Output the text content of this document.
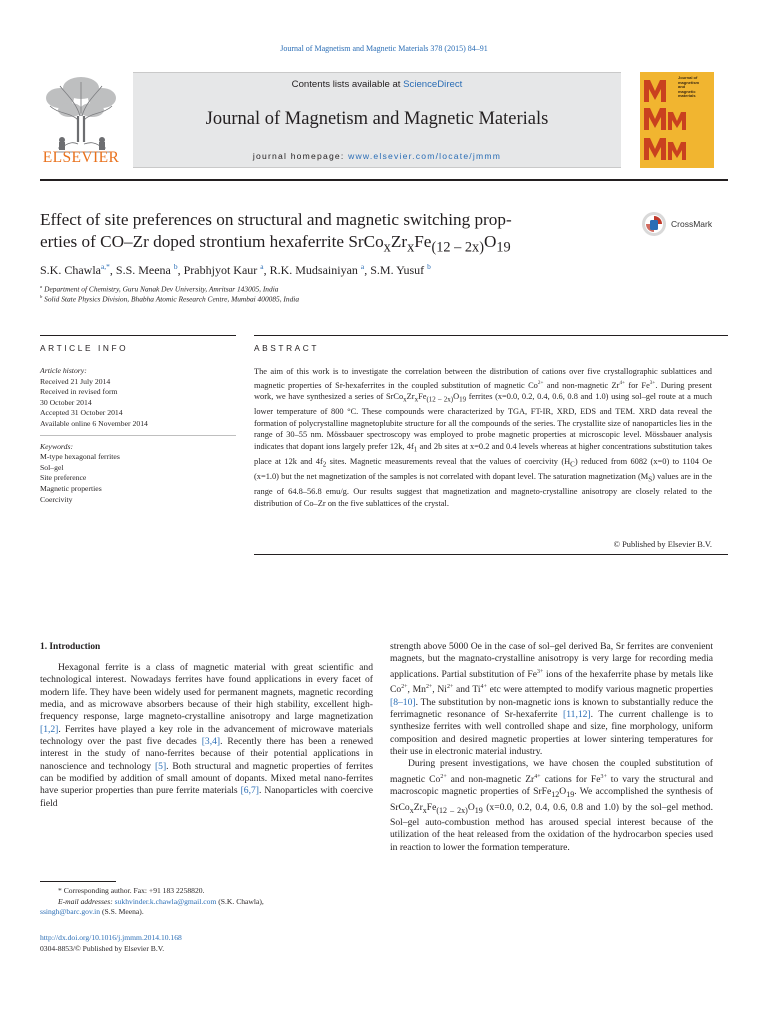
Journal of Magnetism and Magnetic Materials 378 (2015) 84–91
ELSEVIER
Contents lists available at ScienceDirect
Journal of Magnetism and Magnetic Materials
journal homepage: www.elsevier.com/locate/jmmm
Journal of
magnetism
and
magnetic
materials
Effect of site preferences on structural and magnetic switching prop-
erties of CO–Zr doped strontium hexaferrite $SrCo_xZr_xFe_{(12 - 2x)}O_{19}$
CrossMark
S.K. Chawla$^{a,*}$, S.S. Meena $^b$, Prabhjyot Kaur $^a$, R.K. Mudsainiyan $^a$, S.M. Yusuf $^b$
$^a$ Department of Chemistry, Guru Nanak Dev University, Amritsar 143005, India
$^b$ Solid State Physics Division, Bhabha Atomic Research Centre, Mumbai 400085, India
ARTICLE INFO	ABSTRACT
Article history:
Received 21 July 2014
Received in revised form
30 October 2014
Accepted 31 October 2014
Available online 6 November 2014
Keywords:
M-type hexagonal ferrites
Sol–gel
Site preference
Magnetic properties
Coercivity
The aim of this work is to investigate the correlation between the distribution of cations over five crystallographic sublattices and magnetic properties of Sr-hexaferrites in the coupled substitution of magnetic $Co^{2+}$ and non-magnetic $Zr^{4+}$ for $Fe^{3+}$. During present work, we have synthesized a series of $SrCo_xZr_xFe_{(12 - 2x)}O_{19}$ ferrites (x=0.0, 0.2, 0.4, 0.6, 0.8 and 1.0) using sol–gel route at a much lower temperature of 800 °C. These compounds were characterized by TGA, FT-IR, XRD, EDS and TEM. XRD data reveal the formation of polycrystalline magnetoplubite structure for all the compounds of the series. The crystallite size of nanoparticles lies in the range of 30–55 nm. Mössbauer spectroscopy was employed to probe magnetic properties at microscopic level. Mössbauer analysis indicates that dopant ions largely prefer 12k, $4f_1$ and 2b sites at x=0.2 and 0.4 levels whereas at higher concentrations substitution takes place at 12k and $4f_2$ sites. Magnetic measurements reveal that the values of coercivity $(H_C)$ reduced from 6082 (x=0) to 1104 Oe (x=1.0) but the net magnetization of the samples is not correlated with dopant level. The saturation magnetization $(M_S)$ values are in the range of 64.8–56.8 emu/g. Our results suggest that magnetization and magneto-crystalline anisotropy are closely related to the distribution of Co–Zr on the five sublattices of the crystal.
© Published by Elsevier B.V.
1. Introduction

Hexagonal ferrite is a class of magnetic material with great scientific and technological interest. Nowadays ferrites have found applications in every facet of modern life. They have been widely used for permanent magnets, magnetic recording media, and as microwave absorbers because of their high stability, excellent high-frequency response, large magneto-crystalline anisotropy and large magnetization [1,2]. Ferrites have played a key role in the advancement of microwave materials technology over the past five decades [3,4]. Recently there has been a renewed interest in the study of nano-ferrites because of their potential applications in nanoscience and technology [5]. Both structural and magnetic properties of ferrites can be modified by addition of small amount of dopants. Mixed metal nano-ferrites have superior properties than pure ferrite materials [6,7]. Nanoparticles with coercive field

strength above 5000 Oe in the case of sol–gel derived Ba, Sr ferrites are convenient magnets, but the magnato-crystalline anisotropy is very large for recording media applications. Partial substitution of $Fe^{3+}$ ions of the hexaferrite phase by metals like $Co^{2+}$, $Mn^{2+}$, $Ni^{2+}$ and $Ti^{4+}$ etc were attempted to modify various magnetic properties [8–10]. The substitution by non-magnetic ions is known to substantially reduce the ferrimagnetic resonance of Sr-hexaferrite [11,12]. The current challenge is to synthesize ferrites with well controlled shape and size, fine morphology, uniform composition and desired magnetic properties at lower sintering temperatures for their use in electronic material industry.

During present investigations, we have chosen the coupled substitution of magnetic $Co^{2+}$ and non-magnetic $Zr^{4+}$ cations for $Fe^{3+}$ to vary the structural and macroscopic magnetic properties of $SrFe_{12}O_{19}$. We accomplished the synthesis of $SrCo_xZr_xFe_{(12 - 2x)}O_{19}$ (x=0.0, 0.2, 0.4, 0.6, 0.8 and 1.0) by the sol–gel method. Sol–gel auto-combustion method has aroused special interest because of the utilization of the heat released from the oxidation of the hydrocarbon species used in reaction to lower the formation temperature.

* Corresponding author. Fax: +91 183 2258820.
E-mail addresses: sukhvinder.k.chawla@gmail.com (S.K. Chawla),
ssingh@barc.gov.in (S.S. Meena).
http://dx.doi.org/10.1016/j.jmmm.2014.10.168
0304-8853/© Published by Elsevier B.V.
